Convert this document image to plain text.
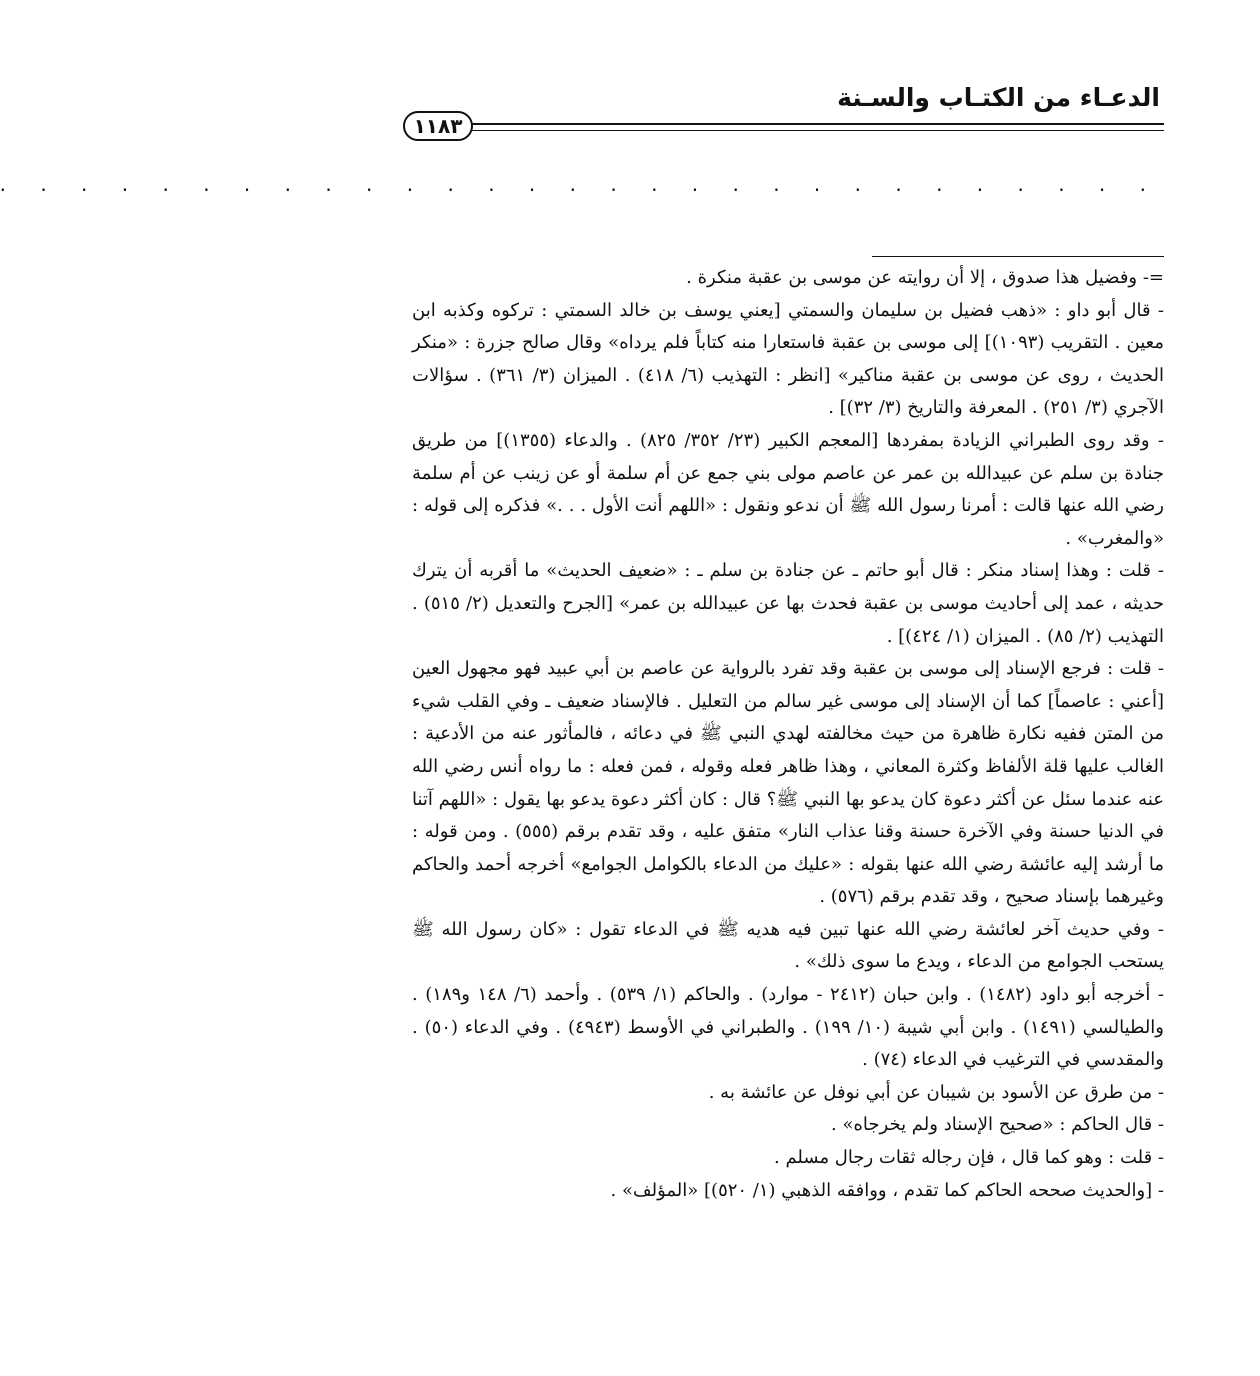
الدعـاء من الكتـاب والسـنة
١١٨٣
. . . . . . . . . . . . . . . . . . . . . . . . . . . . .

=- وفضيل هذا صدوق ، إلا أن روايته عن موسى بن عقبة منكرة .

- قال أبو داو : «ذهب فضيل بن سليمان والسمتي [يعني يوسف بن خالد السمتي : تركوه وكذبه ابن معين . التقريب (١٠٩٣)] إلى موسى بن عقبة فاستعارا منه كتاباً فلم يرداه» وقال صالح جزرة : «منكر الحديث ، روى عن موسى بن عقبة مناكير» [انظر : التهذيب (٦/ ٤١٨) . الميزان (٣/ ٣٦١) . سؤالات الآجري (٣/ ٢٥١) . المعرفة والتاريخ (٣/ ٣٢)] .

- وقد روى الطبراني الزيادة بمفردها [المعجم الكبير (٢٣/ ٣٥٢/ ٨٢٥) . والدعاء (١٣٥٥)] من طريق جنادة بن سلم عن عبيدالله بن عمر عن عاصم مولى بني جمع عن أم سلمة أو عن زينب عن أم سلمة رضي الله عنها قالت : أمرنا رسول الله ﷺ أن ندعو ونقول : «اللهم أنت الأول . . .» فذكره إلى قوله : «والمغرب» .

- قلت : وهذا إسناد منكر : قال أبو حاتم ـ عن جنادة بن سلم ـ : «ضعيف الحديث» ما أقربه أن يترك حديثه ، عمد إلى أحاديث موسى بن عقبة فحدث بها عن عبيدالله بن عمر» [الجرح والتعديل (٢/ ٥١٥) . التهذيب (٢/ ٨٥) . الميزان (١/ ٤٢٤)] .

- قلت : فرجع الإسناد إلى موسى بن عقبة وقد تفرد بالرواية عن عاصم بن أبي عبيد فهو مجهول العين [أعني : عاصماً] كما أن الإسناد إلى موسى غير سالم من التعليل . فالإسناد ضعيف ـ وفي القلب شيء من المتن ففيه نكارة ظاهرة من حيث مخالفته لهدي النبي ﷺ في دعائه ، فالمأثور عنه من الأدعية : الغالب عليها قلة الألفاظ وكثرة المعاني ، وهذا ظاهر فعله وقوله ، فمن فعله : ما رواه أنس رضي الله عنه عندما سئل عن أكثر دعوة كان يدعو بها النبي ﷺ؟ قال : كان أكثر دعوة يدعو بها يقول : «اللهم آتنا في الدنيا حسنة وفي الآخرة حسنة وقنا عذاب النار» متفق عليه ، وقد تقدم برقم (٥٥٥) . ومن قوله : ما أرشد إليه عائشة رضي الله عنها بقوله : «عليك من الدعاء بالكوامل الجوامع» أخرجه أحمد والحاكم وغيرهما بإسناد صحيح ، وقد تقدم برقم (٥٧٦) .

- وفي حديث آخر لعائشة رضي الله عنها تبين فيه هديه ﷺ في الدعاء تقول : «كان رسول الله ﷺ يستحب الجوامع من الدعاء ، ويدع ما سوى ذلك» .

- أخرجه أبو داود (١٤٨٢) . وابن حبان (٢٤١٢ - موارد) . والحاكم (١/ ٥٣٩) . وأحمد (٦/ ١٤٨ و١٨٩) . والطيالسي (١٤٩١) . وابن أبي شيبة (١٠/ ١٩٩) . والطبراني في الأوسط (٤٩٤٣) . وفي الدعاء (٥٠) . والمقدسي في الترغيب في الدعاء (٧٤) .

- من طرق عن الأسود بن شيبان عن أبي نوفل عن عائشة به .

- قال الحاكم : «صحيح الإسناد ولم يخرجاه» .

- قلت : وهو كما قال ، فإن رجاله ثقات رجال مسلم .

- [والحديث صححه الحاكم كما تقدم ، ووافقه الذهبي (١/ ٥٢٠)] «المؤلف» .
